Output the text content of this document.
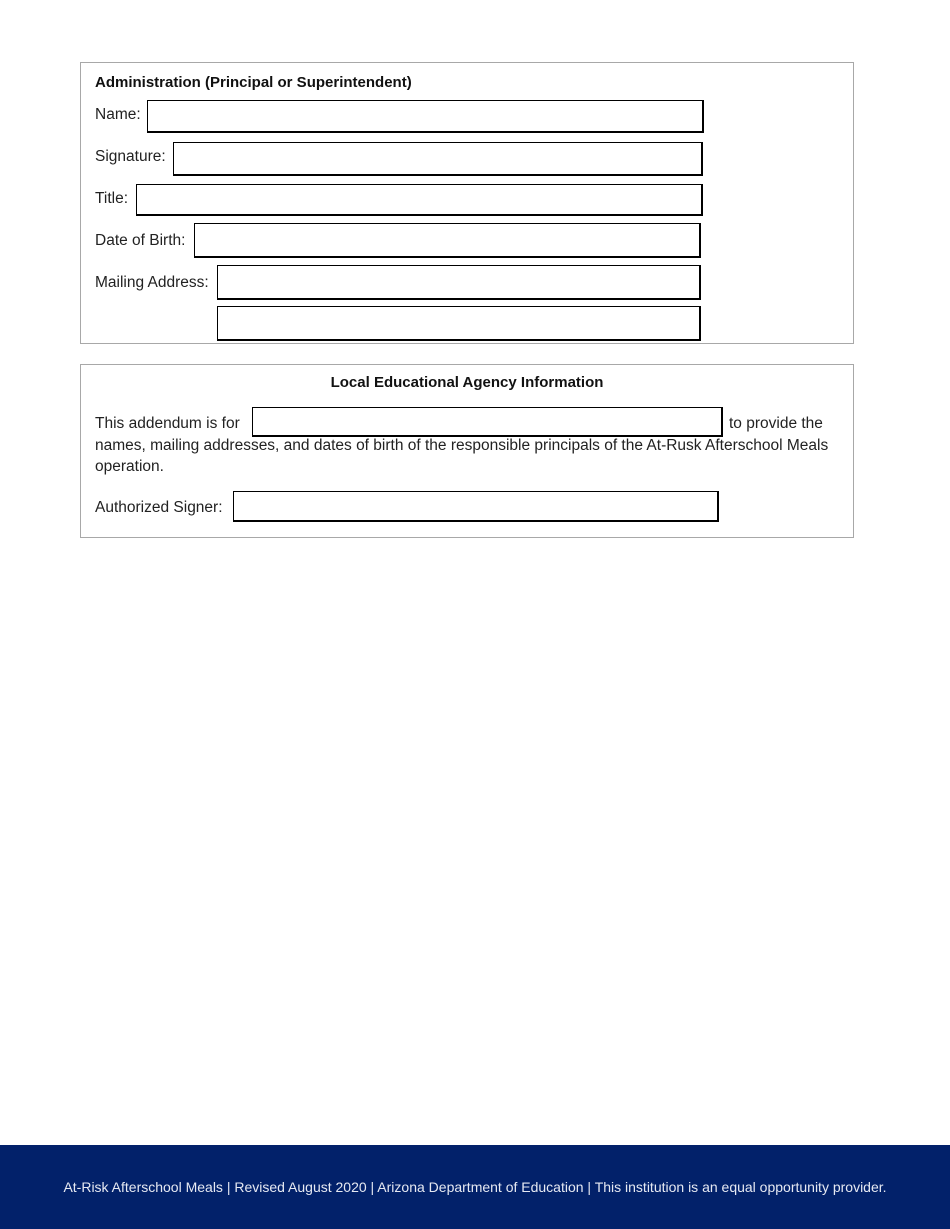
Administration (Principal or Superintendent)
Name:
Signature:
Title:
Date of Birth:
Mailing Address:
Local Educational Agency Information
This addendum is for	to provide the
names, mailing addresses, and dates of birth of the responsible principals of the At-Rusk Afterschool Meals operation.
Authorized Signer:
At-Risk Afterschool Meals | Revised August 2020 | Arizona Department of Education | This institution is an equal opportunity provider.
